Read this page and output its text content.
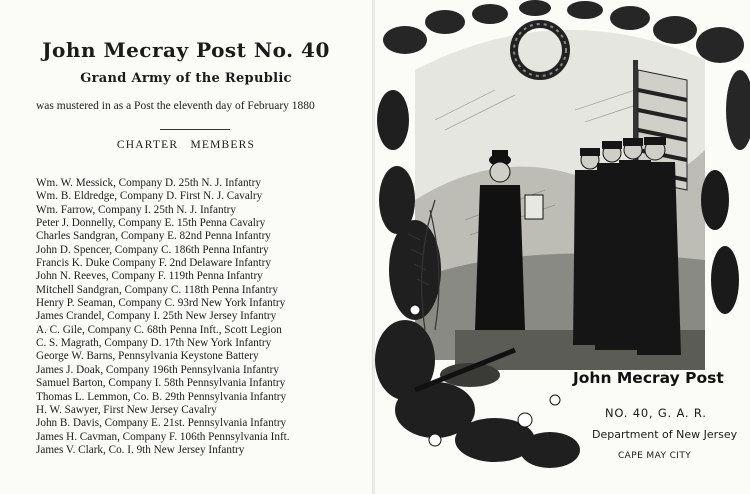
John Mecray Post No. 40
Grand Army of the Republic
was mustered in as a Post the eleventh day of February 1880
CHARTER   MEMBERS
Wm. W. Messick, Company D. 25th N. J. Infantry
Wm. B. Eldredge, Company D. First N. J. Cavalry
Wm. Farrow, Company I. 25th N. J. Infantry
Peter J. Donnelly, Company E. 15th Penna Cavalry
Charles Sandgran, Company E. 82nd Penna Infantry
John D. Spencer, Company C. 186th Penna Infantry
Francis K. Duke Company F. 2nd Delaware Infantry
John N. Reeves, Company F. 119th Penna Infantry
Mitchell Sandgran, Company C. 118th Penna Infantry
Henry P. Seaman, Company C. 93rd New York Infantry
James Crandel, Company I. 25th New Jersey Infantry
A. C. Gile, Company C. 68th Penna Inft., Scott Legion
C. S. Magrath, Company D. 17th New York Infantry
George W. Barns, Pennsylvania Keystone Battery
James J. Doak, Company 196th Pennsylvania Infantry
Samuel Barton, Company I. 58th Pennsylvania Infantry
Thomas L. Lemmon, Co. B. 29th Pennsylvania Infantry
H. W. Sawyer, First New Jersey Cavalry
John B. Davis, Company E. 21st. Pennsylvania Infantry
James H. Cavman, Company F. 106th Pennsylvania Inft.
James V. Clark, Co. I. 9th New Jersey Infantry
John Mecray Post
NO. 40, G. A. R.
Department of New Jersey
CAPE MAY CITY
